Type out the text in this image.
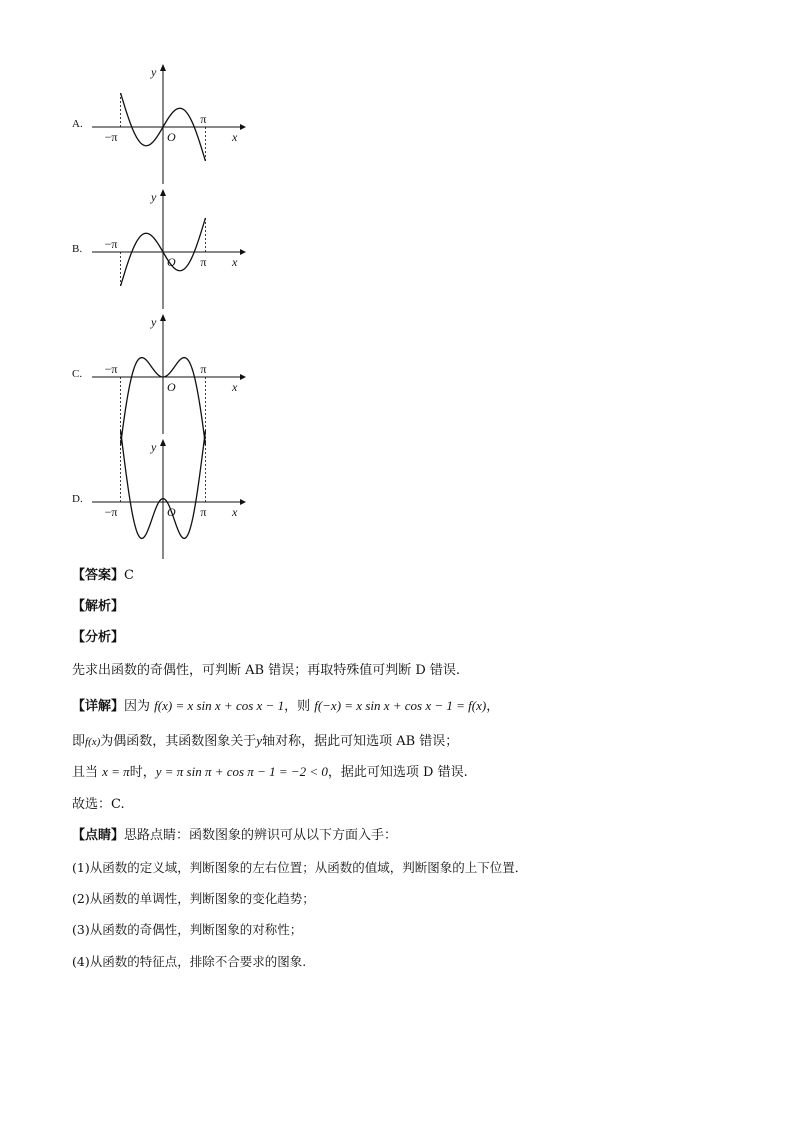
A.
−π
π
O	x
y
B. −π
π
O	x
y
C. −π	π
O	x
y
D.
−π	π
O	x
y
【答案】C
【解析】
【分析】
先求出函数的奇偶性，可判断 AB 错误；再取特殊值可判断 D 错误.
【详解】因为 f(x) = x sin x + cos x − 1，则 f(−x) = x sin x + cos x − 1 = f(x)，
即f(x)为偶函数，其函数图象关于y轴对称，据此可知选项 AB 错误；
且当 x = π时，y = π sin π + cos π − 1 = −2 < 0，据此可知选项 D 错误.
故选：C.
【点睛】思路点睛：函数图象的辨识可从以下方面入手：
(1)从函数的定义域，判断图象的左右位置；从函数的值域，判断图象的上下位置．
(2)从函数的单调性，判断图象的变化趋势；
(3)从函数的奇偶性，判断图象的对称性；
(4)从函数的特征点，排除不合要求的图象.
